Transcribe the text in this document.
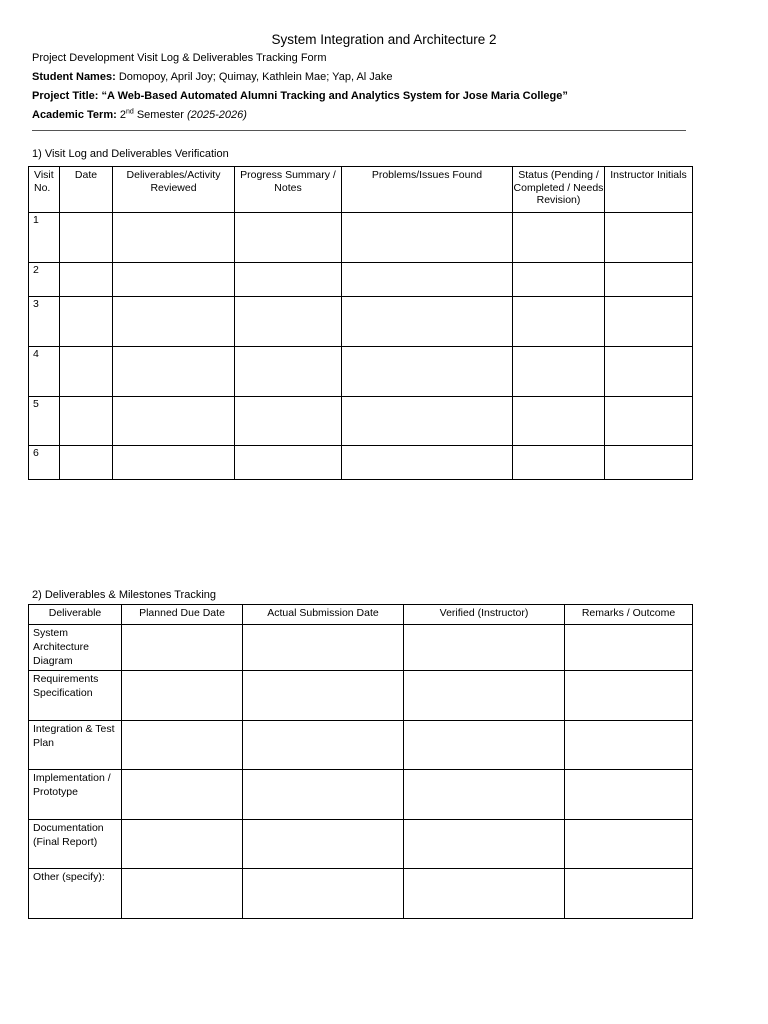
System Integration and Architecture 2
Project Development Visit Log & Deliverables Tracking Form
Student Names: Domopoy, April Joy; Quimay, Kathlein Mae; Yap, Al Jake
Project Title: “A Web-Based Automated Alumni Tracking and Analytics System for Jose Maria College”
Academic Term: 2nd Semester (2025-2026)
1) Visit Log and Deliverables Verification
Visit No.	Date	Deliverables/Activity Reviewed	Progress Summary / Notes	Problems/Issues Found	Status (Pending / Completed / Needs Revision)	Instructor Initials
1						
2						
3						
4						
5						
6						
2) Deliverables & Milestones Tracking
Deliverable	Planned Due Date	Actual Submission Date	Verified (Instructor)	Remarks / Outcome
System Architecture Diagram				
Requirements Specification				
Integration & Test Plan				
Implementation / Prototype				
Documentation (Final Report)				
Other (specify):				
